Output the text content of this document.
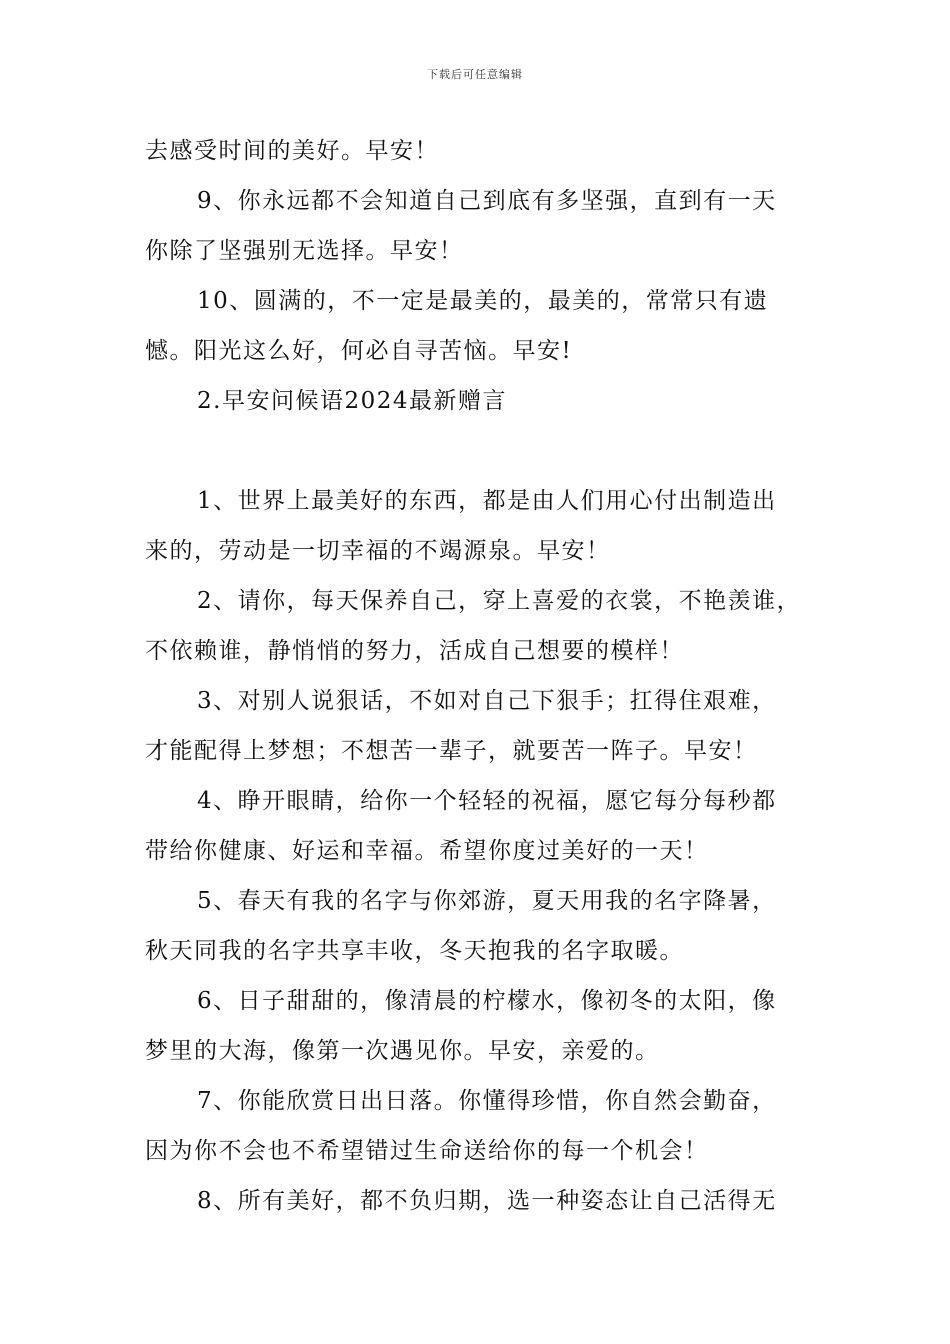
下载后可任意编辑
去感受时间的美好。早安！
9、你永远都不会知道自己到底有多坚强，直到有一天
你除了坚强别无选择。早安！
10、圆满的，不一定是最美的，最美的，常常只有遗
憾。阳光这么好，何必自寻苦恼。早安!
2.早安问候语2024最新赠言
1、世界上最美好的东西，都是由人们用心付出制造出
来的，劳动是一切幸福的不竭源泉。早安！
2、请你，每天保养自己，穿上喜爱的衣裳，不艳羡谁，
不依赖谁，静悄悄的努力，活成自己想要的模样！
3、对别人说狠话，不如对自己下狠手；扛得住艰难，
才能配得上梦想；不想苦一辈子，就要苦一阵子。早安！
4、睁开眼睛，给你一个轻轻的祝福，愿它每分每秒都
带给你健康、好运和幸福。希望你度过美好的一天！
5、春天有我的名字与你郊游，夏天用我的名字降暑，
秋天同我的名字共享丰收，冬天抱我的名字取暖。
6、日子甜甜的，像清晨的柠檬水，像初冬的太阳，像
梦里的大海，像第一次遇见你。早安，亲爱的。
7、你能欣赏日出日落。你懂得珍惜，你自然会勤奋，
因为你不会也不希望错过生命送给你的每一个机会！
8、所有美好，都不负归期，选一种姿态让自己活得无
